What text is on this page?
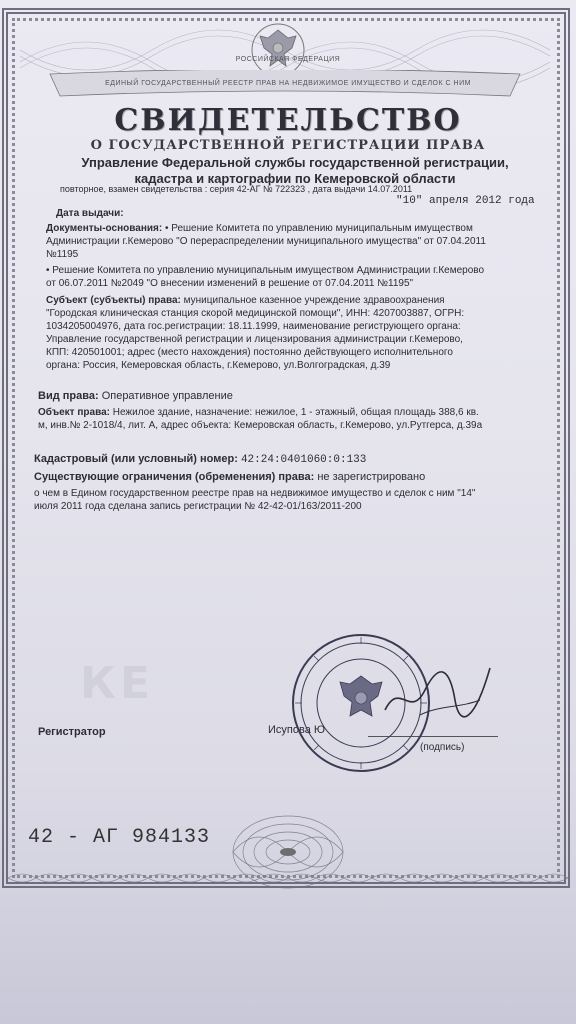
РОССИЙСКАЯ ФЕДЕРАЦИЯ
ЕДИНЫЙ ГОСУДАРСТВЕННЫЙ РЕЕСТР ПРАВ НА НЕДВИЖИМОЕ ИМУЩЕСТВО И СДЕЛОК С НИМ
СВИДЕТЕЛЬСТВО
О ГОСУДАРСТВЕННОЙ РЕГИСТРАЦИИ ПРАВА
Управление Федеральной службы государственной регистрации,
кадастра и картографии по Кемеровской области
повторное, взамен свидетельства : серия 42-АГ № 722323 , дата выдачи 14.07.2011
"10" апреля 2012 года
Дата выдачи:
Документы-основания: • Решение Комитета по управлению муниципальным имуществом
Администрации г.Кемерово "О перераспределении муниципального имущества" от 07.04.2011
№1195
• Решение Комитета по управлению муниципальным имуществом Администрации г.Кемерово
от 06.07.2011 №2049 "О внесении изменений в решение от 07.04.2011 №1195"
Субъект (субъекты) права: муниципальное казенное учреждение здравоохранения
"Городская клиническая станция скорой медицинской помощи", ИНН: 4207003887, ОГРН:
1034205004976, дата гос.регистрации: 18.11.1999, наименование региструющего органа:
Управление государственной регистрации и лицензирования администрации г.Кемерово,
КПП: 420501001; адрес (место нахождения) постоянно действующего исполнительного
органа: Россия, Кемеровская область, г.Кемерово, ул.Волгоградская, д.39
Вид права: Оперативное управление
Объект права: Нежилое здание, назначение: нежилое, 1 - этажный, общая площадь 388,6 кв.
м, инв.№ 2-1018/4, лит. А, адрес объекта: Кемеровская область, г.Кемерово, ул.Рутгерса, д.39а
Кадастровый (или условный) номер: 42:24:0401060:0:133
Существующие ограничения (обременения) права: не зарегистрировано
о чем в Едином государственном реестре прав на недвижимое имущество и сделок с ним "14"
июля 2011 года сделана запись регистрации № 42-42-01/163/2011-200
КЕ
Регистратор	Исупова Ю
(подпись)
42 - АГ 984133
